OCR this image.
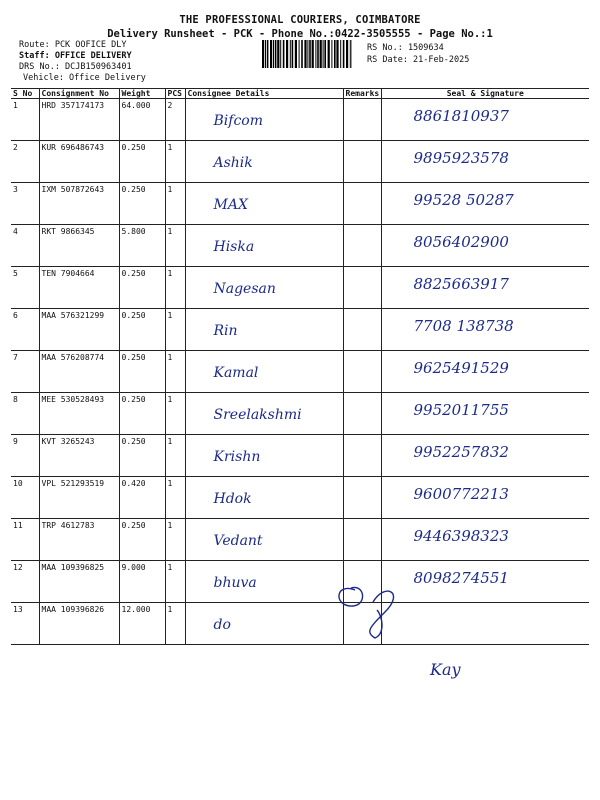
THE PROFESSIONAL COURIERS, COIMBATORE
Delivery Runsheet - PCK - Phone No.:0422-3505555 - Page No.:1
Route: PCK OOFICE DLY
Staff: OFFICE DELIVERY
DRS No.: DCJB150963401
Vehicle: Office Delivery
RS No.: 1509634
RS Date: 21-Feb-2025
S No	Consignment No	Weight	PCS	Consignee Details	Remarks	Seal & Signature
1	HRD 357174173	64.000	2	Bifcom		8861810937

2	KUR 696486743	0.250	1	Ashik		9895923578

3	IXM 507872643	0.250	1	MAX		99528 50287

4	RKT 9866345	5.800	1	Hiska		8056402900

5	TEN 7904664	0.250	1	Nagesan		8825663917

6	MAA 576321299	0.250	1	Rin		7708 138738

7	MAA 576208774	0.250	1	Kamal		9625491529

8	MEE 530528493	0.250	1	Sreelakshmi		9952011755

9	KVT 3265243	0.250	1	Krishn		9952257832

10	VPL 521293519	0.420	1	Hdok		9600772213

11	TRP 4612783	0.250	1	Vedant		9446398323

12	MAA 109396825	9.000	1	bhuva		8098274551

13	MAA 109396826	12.000	1	do		

Kay
